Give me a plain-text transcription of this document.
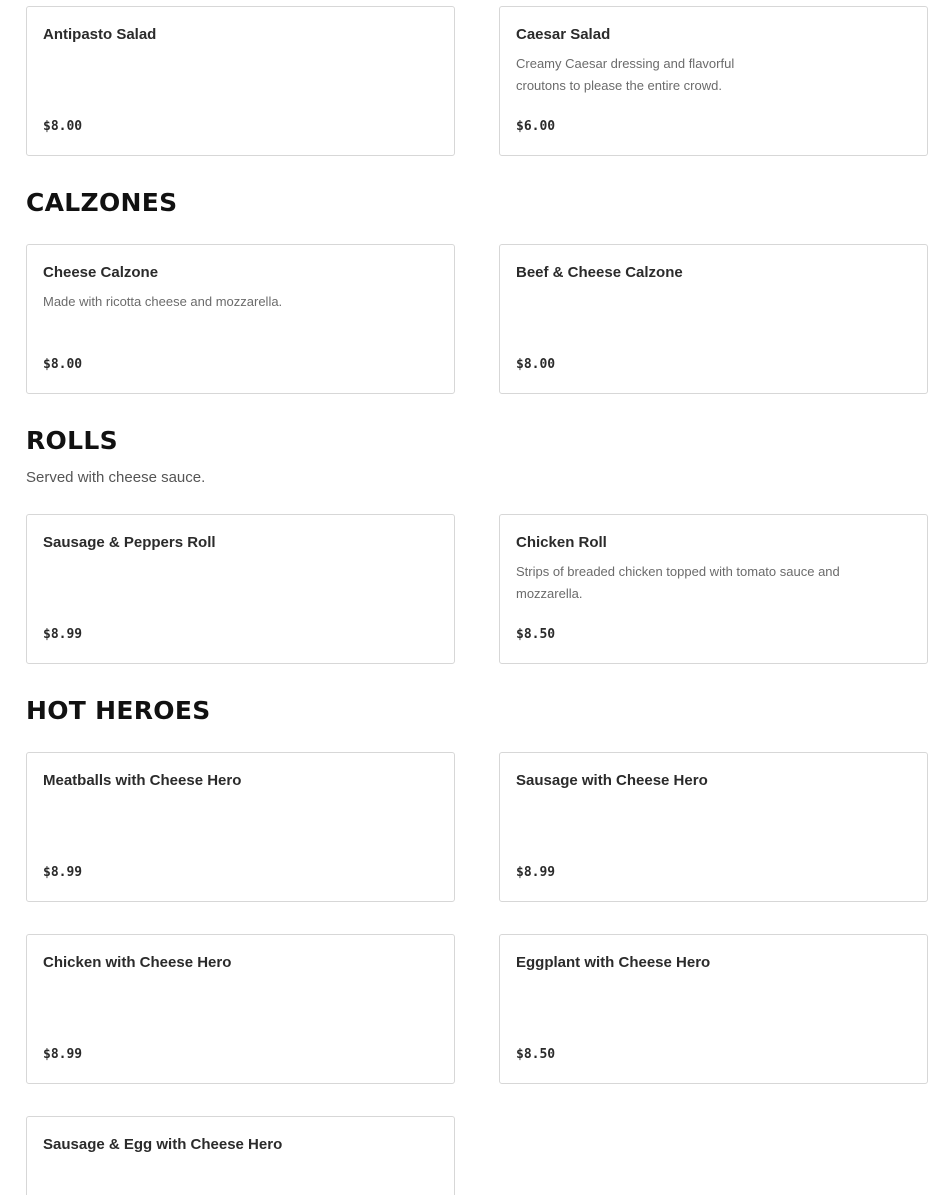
Antipasto Salad
$8.00
Caesar Salad
Creamy Caesar dressing and flavorful croutons to please the entire crowd.
$6.00
CALZONES
Cheese Calzone
Made with ricotta cheese and mozzarella.
$8.00
Beef & Cheese Calzone
$8.00
ROLLS
Served with cheese sauce.
Sausage & Peppers Roll
$8.99
Chicken Roll
Strips of breaded chicken topped with tomato sauce and mozzarella.
$8.50
HOT HEROES
Meatballs with Cheese Hero
$8.99
Sausage with Cheese Hero
$8.99
Chicken with Cheese Hero
$8.99
Eggplant with Cheese Hero
$8.50
Sausage & Egg with Cheese Hero
